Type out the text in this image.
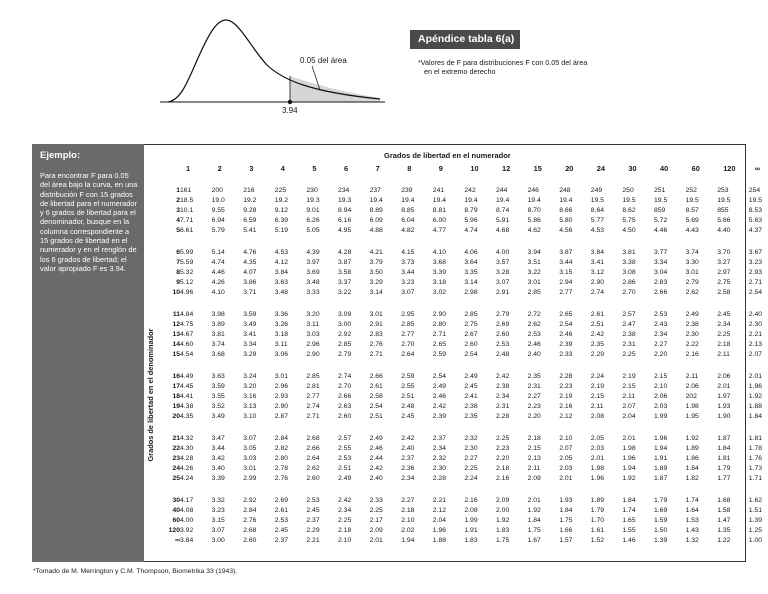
0.05 del área
3.94
Apéndice tabla 6(a)
*Valores de F para distribuciones F con 0.05 del área
en el extremo derecho
Ejemplo:
Para encontrar F para 0.05 del área bajo la curva, en una distribución F con 15 grados de libertad para el numerador y 6 grados de libertad para el denominador, busque en la columna correspondiente a 15 grados de libertad en el numerador y en el renglón de los 6 grados de libertad; el valor apropiado F es 3.94.
Grados de libertad en el numerador
Grados de libertad en el denominador
1	2	3	4	5	6	7	8	9	10	12	15	20	24	30	40	60	120	∞
1 161	200	216	225	230	234	237	239	241	242	244	246	248	249	250	251	252	253	254
2 18.5	19.0	19.2	19.2	19.3	19.3	19.4	19.4	19.4	19.4	19.4	19.4	19.4	19.5	19.5	19.5	19.5	19.5	19.5
3 10.1	9.55	9.28	9.12	9.01	8.94	8.89	8.85	8.81	8.79	8.74	8.70	8.66	8.64	8.62	859	8.57	855	8.53
4 7.71	6.94	6.59	6.39	6.26	6.16	6.09	6.04	6.00	5.96	5.91	5.86	5.80	5.77	5.75	5.72	5.69	5.66	5.63
5 6.61	5.79	5.41	5.19	5.05	4.95	4.88	4.82	4.77	4.74	4.68	4.62	4.56	4.53	4.50	4.46	4.43	4.40	4.37
6 5.99	5.14	4.76	4.53	4.39	4.28	4.21	4.15	4.10	4.06	4.00	3.94	3.87	3.84	3.81	3.77	3.74	3.70	3.67
7 5.59	4.74	4.35	4.12	3.97	3.87	3.79	3.73	3.68	3.64	3.57	3.51	3.44	3.41	3.38	3.34	3.30	3.27	3.23
8 5.32	4.46	4.07	3.84	3.69	3.58	3.50	3.44	3.39	3.35	3.28	3.22	3.15	3.12	3.08	3.04	3.01	2.97	2.93
9 5.12	4.26	3.86	3.63	3.48	3.37	3.29	3.23	3.18	3.14	3.07	3.01	2.94	2.90	2.86	2.83	2.79	2.75	2.71
10 4.96	4.10	3.71	3.48	3.33	3.22	3.14	3.07	3.02	2.98	2.91	2.85	2.77	2.74	2.70	2.66	2.62	2.58	2.54
11 4.84	3.98	3.59	3.36	3.20	3.09	3.01	2.95	2.90	2.85	2.79	2.72	2.65	2.61	2.57	2.53	2.49	2.45	2.40
12 4.75	3.89	3.49	3.26	3.11	3.00	2.91	2.85	2.80	2.75	2.69	2.62	2.54	2.51	2.47	2.43	2.38	2.34	2.30
13 4.67	3.81	3.41	3.18	3.03	2.92	2.83	2.77	2.71	2.67	2.60	2.53	2.46	2.42	2.38	2.34	2.30	2.25	2.21
14 4.60	3.74	3.34	3.11	2.96	2.85	2.76	2.70	2.65	2.60	2.53	2.46	2.39	2.35	2.31	2.27	2.22	2.18	2.13
15 4.54	3.68	3.29	3.06	2.90	2.79	2.71	2.64	2.59	2.54	2.48	2.40	2.33	2.29	2.25	2.20	2.16	2.11	2.07
16 4.49	3.63	3.24	3.01	2.85	2.74	2.66	2.59	2.54	2.49	2.42	2.35	2.28	2.24	2.19	2.15	2.11	2.06	2.01
17 4.45	3.59	3.20	2.96	2.81	2.70	2.61	2.55	2.49	2.45	2.38	2.31	2.23	2.19	2.15	2.10	2.06	2.01	1.96
18 4.41	3.55	3.16	2.93	2.77	2.66	2.58	2.51	2.46	2.41	2.34	2.27	2.19	2.15	2.11	2.06	202	1.97	1.92
19 4.38	3.52	3.13	2.90	2.74	2.63	2.54	2.48	2.42	2.38	2.31	2.23	2.16	2.11	2.07	2.03	1.98	1.93	1.88
20 4.35	3.49	3.10	2.87	2.71	2.60	2.51	2.45	2.39	2.35	2.28	2.20	2.12	2.08	2.04	1.99	1.95	1.90	1.84
21 4.32	3.47	3.07	2.84	2.68	2.57	2.49	2.42	2.37	2.32	2.25	2.18	2.10	2.05	2.01	1.96	1.92	1.87	1.81
22 4.30	3.44	3.05	2.82	2.66	2.55	2.46	2.40	2.34	2.30	2.23	2.15	2.07	2.03	1.98	1.94	1.89	1.84	1.78
23 4.28	3.42	3.03	2.80	2.64	2.53	2.44	2.37	2.32	2.27	2.20	2.13	2.05	2.01	1.96	1.91	1.86	1.81	1.76
24 4.26	3.40	3.01	2.78	2.62	2.51	2.42	2.36	2.30	2.25	2.18	2.11	2.03	1.98	1.94	1.89	1.84	1.79	1.73
25 4.24	3.39	2.99	2.76	2.60	2.49	2.40	2.34	2.28	2.24	2.16	2.09	2.01	1.96	1.92	1.87	1.82	1.77	1.71
30 4.17	3.32	2.92	2.69	2.53	2.42	2.33	2.27	2.21	2.16	2.09	2.01	1.93	1.89	1.84	1.79	1.74	1.68	1.62
40 4.08	3.23	2.84	2.61	2.45	2.34	2.25	2.18	2.12	2.08	2.00	1.92	1.84	1.79	1.74	1.69	1.64	1.58	1.51
60 4.00	3.15	2.76	2.53	2.37	2.25	2.17	2.10	2.04	1.99	1.92	1.84	1.75	1.70	1.65	1.59	1.53	1.47	1.39
120 3.92	3.07	2.68	2.45	2.29	2.18	2.09	2.02	1.96	1.91	1.83	1.75	1.66	1.61	1.55	1.50	1.43	1.35	1.25
∞ 3.84	3.00	2.60	2.37	2.21	2.10	2.01	1.94	1.88	1.83	1.75	1.67	1.57	1.52	1.46	1.39	1.32	1.22	1.00
*Tomado de M. Merrington y C.M. Thompson, Biometrika 33 (1943).
